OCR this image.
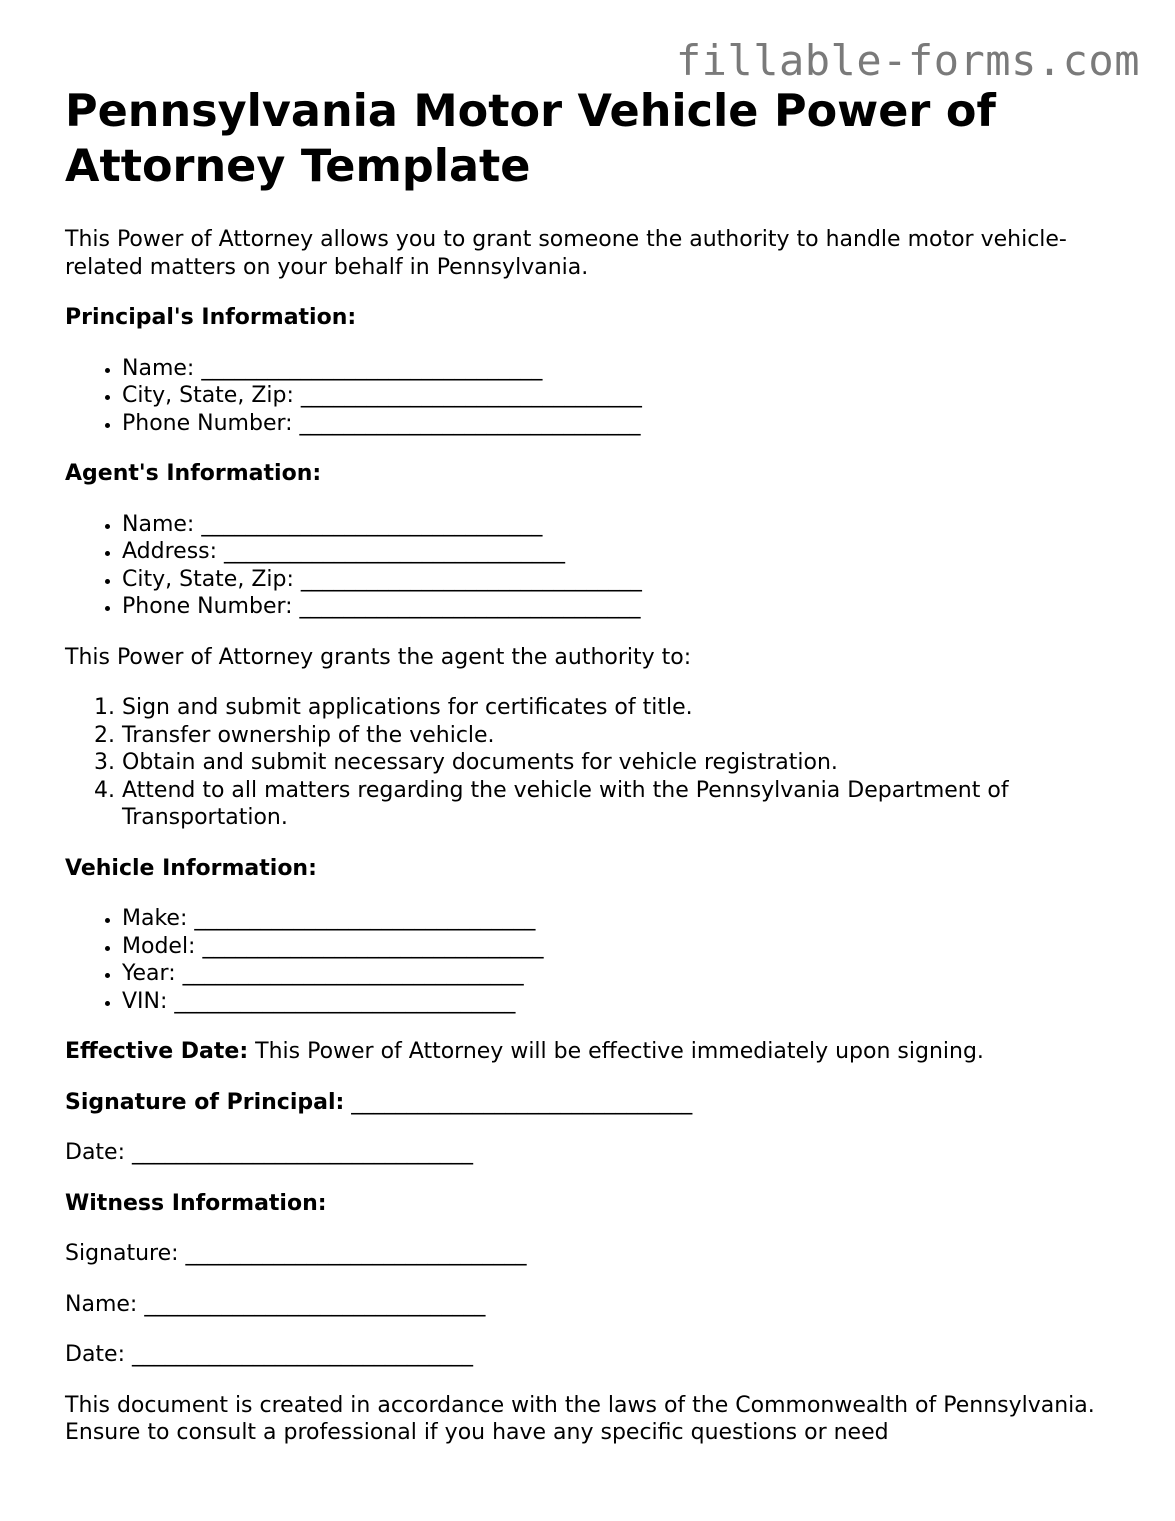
fillable-forms.com
Pennsylvania Motor Vehicle Power of Attorney Template

This Power of Attorney allows you to grant someone the authority to handle motor vehicle-related matters on your behalf in Pennsylvania.

Principal's Information:

• Name: _______________________________
• City, State, Zip: _______________________________
• Phone Number: _______________________________

Agent's Information:

• Name: _______________________________
• Address: _______________________________
• City, State, Zip: _______________________________
• Phone Number: _______________________________

This Power of Attorney grants the agent the authority to:

1. Sign and submit applications for certificates of title.
2. Transfer ownership of the vehicle.
3. Obtain and submit necessary documents for vehicle registration.
4. Attend to all matters regarding the vehicle with the Pennsylvania Department of Transportation.

Vehicle Information:

• Make: _______________________________
• Model: _______________________________
• Year: _______________________________
• VIN: _______________________________

Effective Date: This Power of Attorney will be effective immediately upon signing.

Signature of Principal: _______________________________

Date: _______________________________

Witness Information:

Signature: _______________________________

Name: _______________________________

Date: _______________________________

This document is created in accordance with the laws of the Commonwealth of Pennsylvania. Ensure to consult a professional if you have any specific questions or need
